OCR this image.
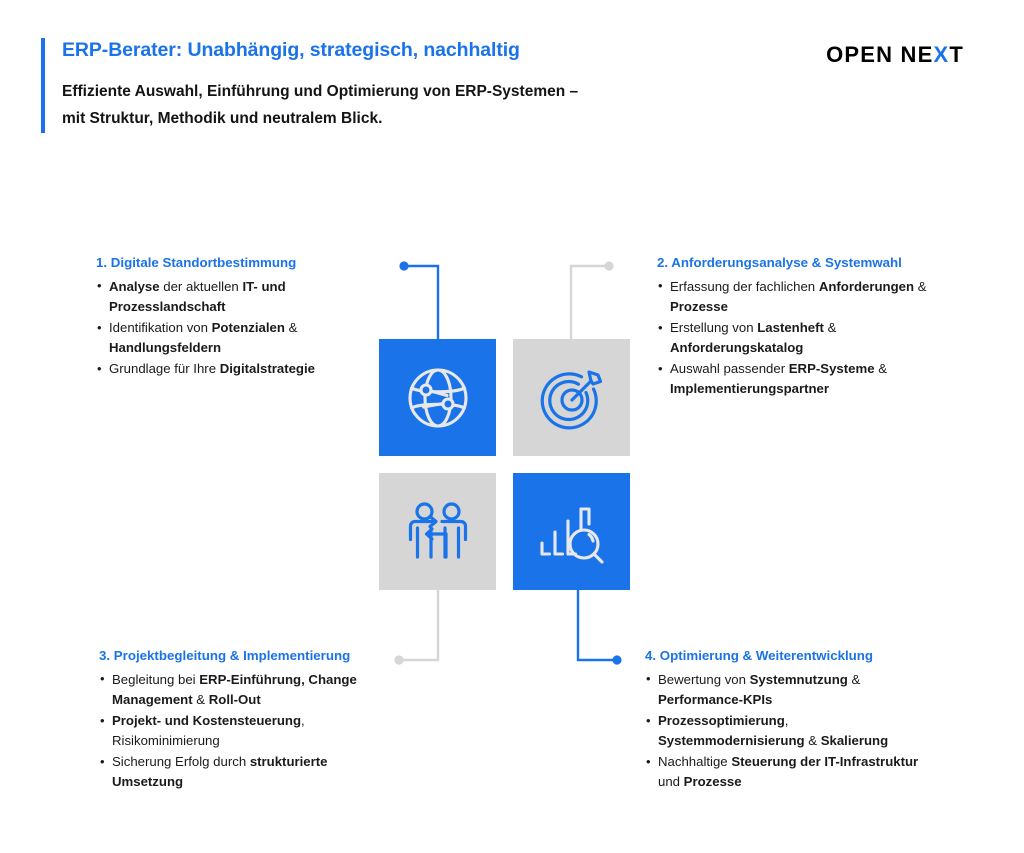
ERP-Berater: Unabhängig, strategisch, nachhaltig
Effiziente Auswahl, Einführung und Optimierung von ERP-Systemen – mit Struktur, Methodik und neutralem Blick.
OPEN NEXT
1. Digitale Standortbestimmung
• Analyse der aktuellen IT- und Prozesslandschaft
• Identifikation von Potenzialen & Handlungsfeldern
• Grundlage für Ihre Digitalstrategie
2. Anforderungsanalyse & Systemwahl
• Erfassung der fachlichen Anforderungen & Prozesse
• Erstellung von Lastenheft & Anforderungskatalog
• Auswahl passender ERP-Systeme & Implementierungspartner
3. Projektbegleitung & Implementierung
• Begleitung bei ERP-Einführung, Change Management & Roll-Out
• Projekt- und Kostensteuerung, Risikominimierung
• Sicherung Erfolg durch strukturierte Umsetzung
4. Optimierung & Weiterentwicklung
• Bewertung von Systemnutzung & Performance-KPIs
• Prozessoptimierung, Systemmodernisierung & Skalierung
• Nachhaltige Steuerung der IT-Infrastruktur und Prozesse
